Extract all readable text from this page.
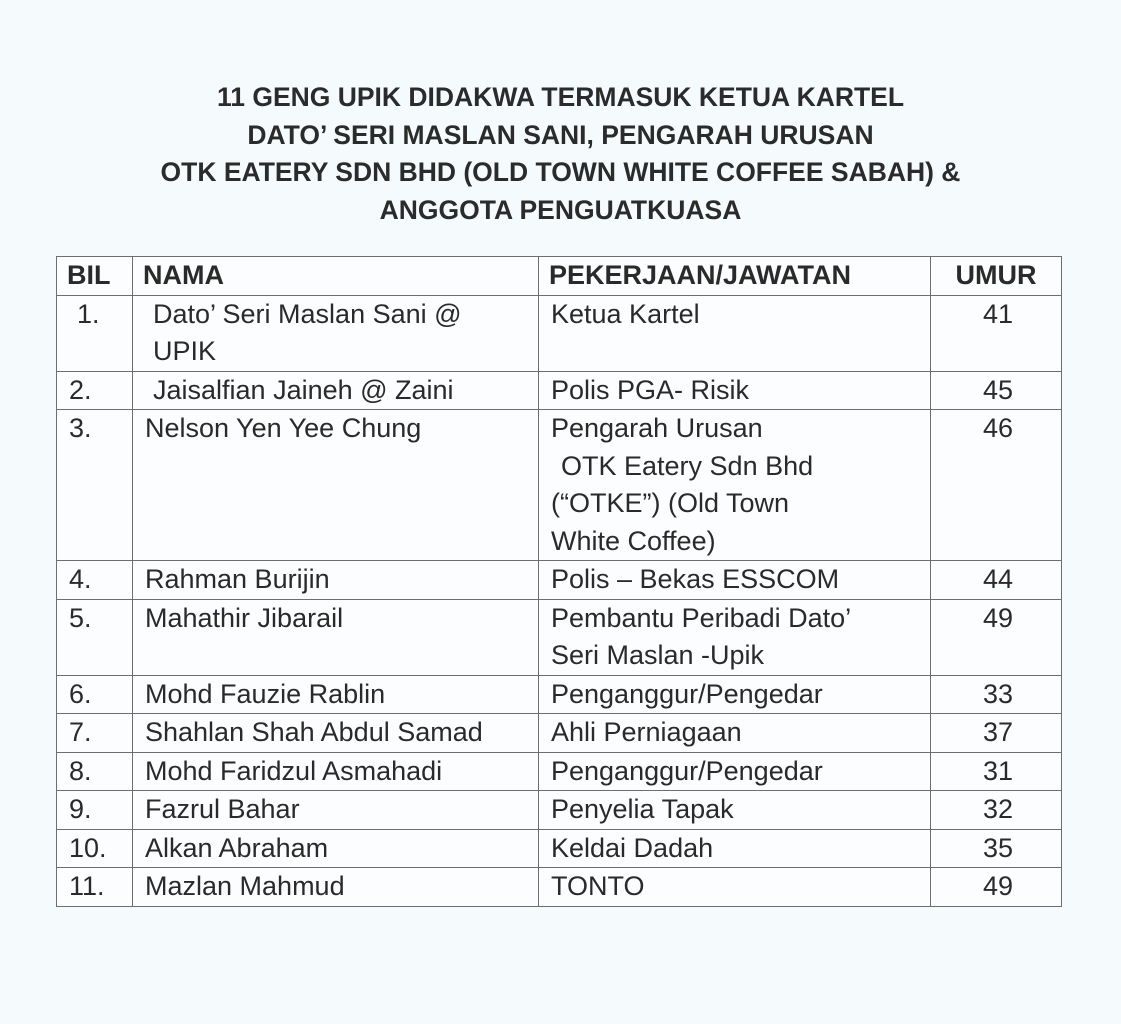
11 GENG UPIK DIDAKWA TERMASUK KETUA KARTEL
DATO’ SERI MASLAN SANI, PENGARAH URUSAN
OTK EATERY SDN BHD (OLD TOWN WHITE COFFEE SABAH) &
ANGGOTA PENGUATKUASA
BIL	NAMA	PEKERJAAN/JAWATAN	UMUR
1.	Dato’ Seri Maslan Sani @ UPIK	Ketua Kartel	41
2.	Jaisalfian Jaineh @ Zaini	Polis PGA- Risik	45
3.	Nelson Yen Yee Chung	Pengarah Urusan
OTK Eatery Sdn Bhd
(“OTKE”) (Old Town
White Coffee)	46
4.	Rahman Burijin	Polis – Bekas ESSCOM	44
5.	Mahathir Jibarail	Pembantu Peribadi Dato’
Seri Maslan -Upik	49
6.	Mohd Fauzie Rablin	Penganggur/Pengedar	33
7.	Shahlan Shah Abdul Samad	Ahli Perniagaan	37
8.	Mohd Faridzul Asmahadi	Penganggur/Pengedar	31
9.	Fazrul Bahar	Penyelia Tapak	32
10.	Alkan Abraham	Keldai Dadah	35
11.	Mazlan Mahmud	TONTO	49
